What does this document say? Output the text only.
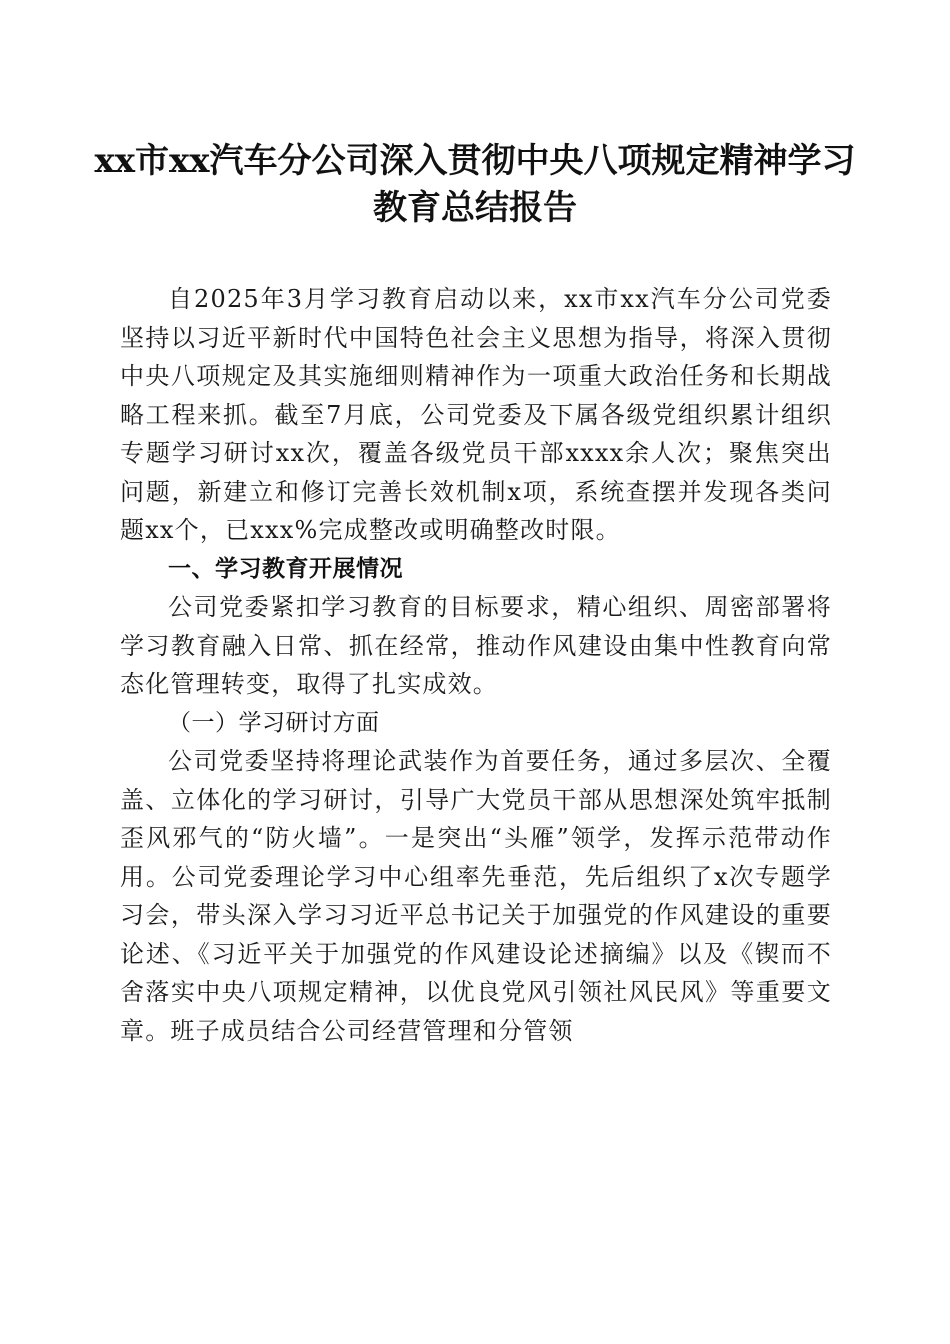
xx市xx汽车分公司深入贯彻中央八项规定精神学习教育总结报告

自2025年3月学习教育启动以来，xx市xx汽车分公司党委坚持以习近平新时代中国特色社会主义思想为指导，将深入贯彻中央八项规定及其实施细则精神作为一项重大政治任务和长期战略工程来抓。截至7月底，公司党委及下属各级党组织累计组织专题学习研讨xx次，覆盖各级党员干部xxxx余人次；聚焦突出问题，新建立和修订完善长效机制x项，系统查摆并发现各类问题xx个，已xxx%完成整改或明确整改时限。

一、学习教育开展情况

公司党委紧扣学习教育的目标要求，精心组织、周密部署将学习教育融入日常、抓在经常，推动作风建设由集中性教育向常态化管理转变，取得了扎实成效。

（一）学习研讨方面

公司党委坚持将理论武装作为首要任务，通过多层次、全覆盖、立体化的学习研讨，引导广大党员干部从思想深处筑牢抵制歪风邪气的“防火墙”。一是突出“头雁”领学，发挥示范带动作用。公司党委理论学习中心组率先垂范，先后组织了x次专题学习会，带头深入学习习近平总书记关于加强党的作风建设的重要论述、《习近平关于加强党的作风建设论述摘编》以及《锲而不舍落实中央八项规定精神，以优良党风引领社风民风》等重要文章。班子成员结合公司经营管理和分管领
